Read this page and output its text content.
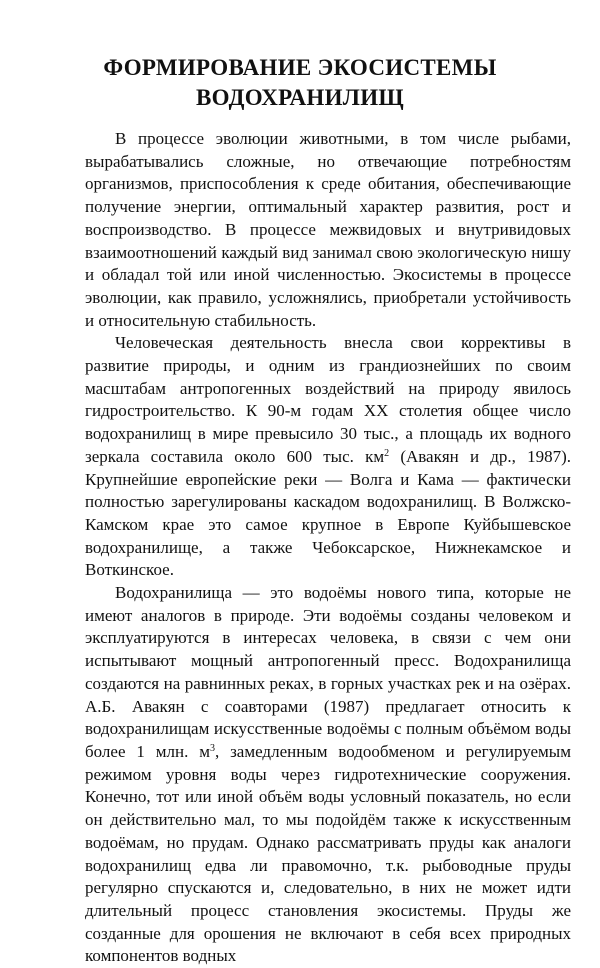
ФОРМИРОВАНИЕ ЭКОСИСТЕМЫ
ВОДОХРАНИЛИЩ

В процессе эволюции животными, в том числе рыбами, вырабатывались сложные, но отвечающие потребностям организмов, приспособления к среде обитания, обеспечивающие получение энергии, оптимальный характер развития, рост и воспроизводство. В процессе межвидовых и внутривидовых взаимоотношений каждый вид занимал свою экологическую нишу и обладал той или иной численностью. Экосистемы в процессе эволюции, как правило, усложнялись, приобретали устойчивость и относительную стабильность.

Человеческая деятельность внесла свои коррективы в развитие природы, и одним из грандиознейших по своим масштабам антропогенных воздействий на природу явилось гидростроительство. К 90-м годам XX столетия общее число водохранилищ в мире превысило 30 тыс., а площадь их водного зеркала составила около 600 тыс. $км^2$ (Авакян и др., 1987). Крупнейшие европейские реки — Волга и Кама — фактически полностью зарегулированы каскадом водохранилищ. В Волжско-Камском крае это самое крупное в Европе Куйбышевское водохранилище, а также Чебоксарское, Нижнекамское и Воткинское.

Водохранилища — это водоёмы нового типа, которые не имеют аналогов в природе. Эти водоёмы созданы человеком и эксплуатируются в интересах человека, в связи с чем они испытывают мощный антропогенный пресс. Водохранилища создаются на равнинных реках, в горных участках рек и на озёрах. А.Б. Авакян с соавторами (1987) предлагает относить к водохранилищам искусственные водоёмы с полным объёмом воды более 1 млн. $м^3$, замедленным водообменом и регулируемым режимом уровня воды через гидротехнические сооружения. Конечно, тот или иной объём воды условный показатель, но если он действительно мал, то мы подойдём также к искусственным водоёмам, но прудам. Однако рассматривать пруды как аналоги водохранилищ едва ли правомочно, т.к. рыбоводные пруды регулярно спускаются и, следовательно, в них не может идти длительный процесс становления экосистемы. Пруды же созданные для орошения не включают в себя всех природных компонентов водных
